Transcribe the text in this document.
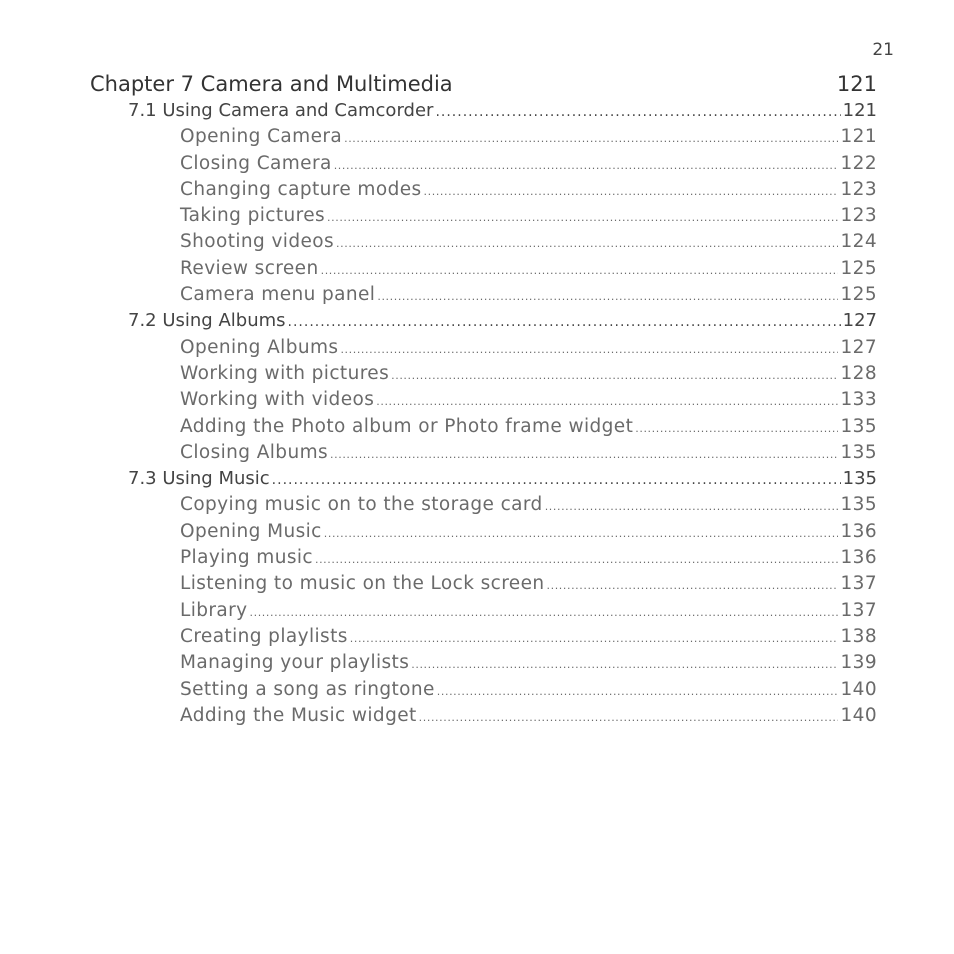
21
Chapter 7 Camera and Multimedia	121
7.1 Using Camera and Camcorder .....	121
Opening Camera .....	121
Closing Camera .....	122
Changing capture modes .....	123
Taking pictures .....	123
Shooting videos .....	124
Review screen .....	125
Camera menu panel .....	125
7.2 Using Albums .....	127
Opening Albums .....	127
Working with pictures .....	128
Working with videos .....	133
Adding the Photo album or Photo frame widget .....	135
Closing Albums .....	135
7.3 Using Music .....	135
Copying music on to the storage card .....	135
Opening Music .....	136
Playing music .....	136
Listening to music on the Lock screen .....	137
Library .....	137
Creating playlists .....	138
Managing your playlists .....	139
Setting a song as ringtone .....	140
Adding the Music widget .....	140
